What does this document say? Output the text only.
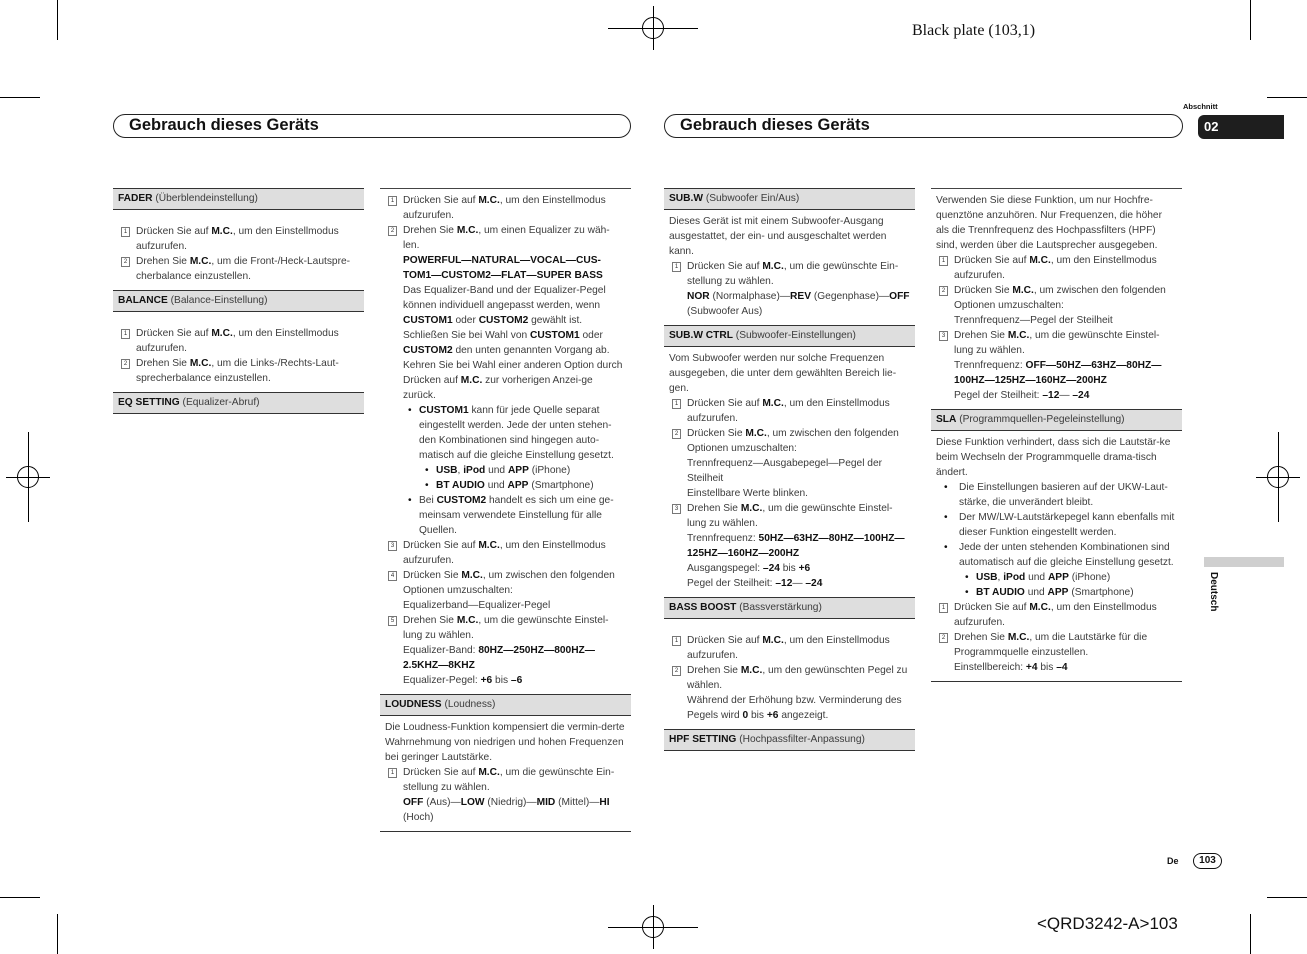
Black plate (103,1)
<QRD3242-A>103
Abschnitt
02
Deutsch
De	103
Gebrauch dieses Geräts	Gebrauch dieses Geräts
FADER (Überblendeinstellung)
1 Drücken Sie auf M.C., um den Einstellmodus aufzurufen.
2 Drehen Sie M.C., um die Front-/Heck-Lautspre-cherbalance einzustellen.
BALANCE (Balance-Einstellung)
1 Drücken Sie auf M.C., um den Einstellmodus aufzurufen.
2 Drehen Sie M.C., um die Links-/Rechts-Laut-sprecherbalance einzustellen.
EQ SETTING (Equalizer-Abruf)
1 Drücken Sie auf M.C., um den Einstellmodus aufzurufen.
2 Drehen Sie M.C., um einen Equalizer zu wäh-len.
POWERFUL—NATURAL—VOCAL—CUS-TOM1—CUSTOM2—FLAT—SUPER BASS
Das Equalizer-Band und der Equalizer-Pegel können individuell angepasst werden, wenn CUSTOM1 oder CUSTOM2 gewählt ist.
Schließen Sie bei Wahl von CUSTOM1 oder CUSTOM2 den unten genannten Vorgang ab. Kehren Sie bei Wahl einer anderen Option durch Drücken auf M.C. zur vorherigen Anzei-ge zurück.
• CUSTOM1 kann für jede Quelle separat eingestellt werden. Jede der unten stehen-den Kombinationen sind hingegen auto-matisch auf die gleiche Einstellung gesetzt.
• USB, iPod und APP (iPhone)
• BT AUDIO und APP (Smartphone)
• Bei CUSTOM2 handelt es sich um eine ge-meinsam verwendete Einstellung für alle Quellen.
3 Drücken Sie auf M.C., um den Einstellmodus aufzurufen.
4 Drücken Sie M.C., um zwischen den folgenden Optionen umzuschalten:
Equalizerband—Equalizer-Pegel
5 Drehen Sie M.C., um die gewünschte Einstel-lung zu wählen.
Equalizer-Band: 80HZ—250HZ—800HZ—2.5KHZ—8KHZ
Equalizer-Pegel: +6 bis –6
LOUDNESS (Loudness)
Die Loudness-Funktion kompensiert die vermin-derte Wahrnehmung von niedrigen und hohen Frequenzen bei geringer Lautstärke.
1 Drücken Sie auf M.C., um die gewünschte Ein-stellung zu wählen.
OFF (Aus)—LOW (Niedrig)—MID (Mittel)—HI (Hoch)
SUB.W (Subwoofer Ein/Aus)
Dieses Gerät ist mit einem Subwoofer-Ausgang ausgestattet, der ein- und ausgeschaltet werden kann.
1 Drücken Sie auf M.C., um die gewünschte Ein-stellung zu wählen.
NOR (Normalphase)—REV (Gegenphase)—OFF (Subwoofer Aus)
SUB.W CTRL (Subwoofer-Einstellungen)
Vom Subwoofer werden nur solche Frequenzen ausgegeben, die unter dem gewählten Bereich lie-gen.
1 Drücken Sie auf M.C., um den Einstellmodus aufzurufen.
2 Drücken Sie M.C., um zwischen den folgenden Optionen umzuschalten:
Trennfrequenz—Ausgabepegel—Pegel der Steilheit
Einstellbare Werte blinken.
3 Drehen Sie M.C., um die gewünschte Einstel-lung zu wählen.
Trennfrequenz: 50HZ—63HZ—80HZ—100HZ—125HZ—160HZ—200HZ
Ausgangspegel: –24 bis +6
Pegel der Steilheit: –12— –24
BASS BOOST (Bassverstärkung)
1 Drücken Sie auf M.C., um den Einstellmodus aufzurufen.
2 Drehen Sie M.C., um den gewünschten Pegel zu wählen.
Während der Erhöhung bzw. Verminderung des Pegels wird 0 bis +6 angezeigt.
HPF SETTING (Hochpassfilter-Anpassung)
Verwenden Sie diese Funktion, um nur Hochfre-quenztöne anzuhören. Nur Frequenzen, die höher als die Trennfrequenz des Hochpassfilters (HPF) sind, werden über die Lautsprecher ausgegeben.
1 Drücken Sie auf M.C., um den Einstellmodus aufzurufen.
2 Drücken Sie M.C., um zwischen den folgenden Optionen umzuschalten:
Trennfrequenz—Pegel der Steilheit
3 Drehen Sie M.C., um die gewünschte Einstel-lung zu wählen.
Trennfrequenz: OFF—50HZ—63HZ—80HZ—100HZ—125HZ—160HZ—200HZ
Pegel der Steilheit: –12— –24
SLA (Programmquellen-Pegeleinstellung)
Diese Funktion verhindert, dass sich die Lautstär-ke beim Wechseln der Programmquelle drama-tisch ändert.
• Die Einstellungen basieren auf der UKW-Laut-stärke, die unverändert bleibt.
• Der MW/LW-Lautstärkepegel kann ebenfalls mit dieser Funktion eingestellt werden.
• Jede der unten stehenden Kombinationen sind automatisch auf die gleiche Einstellung gesetzt.
• USB, iPod und APP (iPhone)
• BT AUDIO und APP (Smartphone)
1 Drücken Sie auf M.C., um den Einstellmodus aufzurufen.
2 Drehen Sie M.C., um die Lautstärke für die Programmquelle einzustellen.
Einstellbereich: +4 bis –4
